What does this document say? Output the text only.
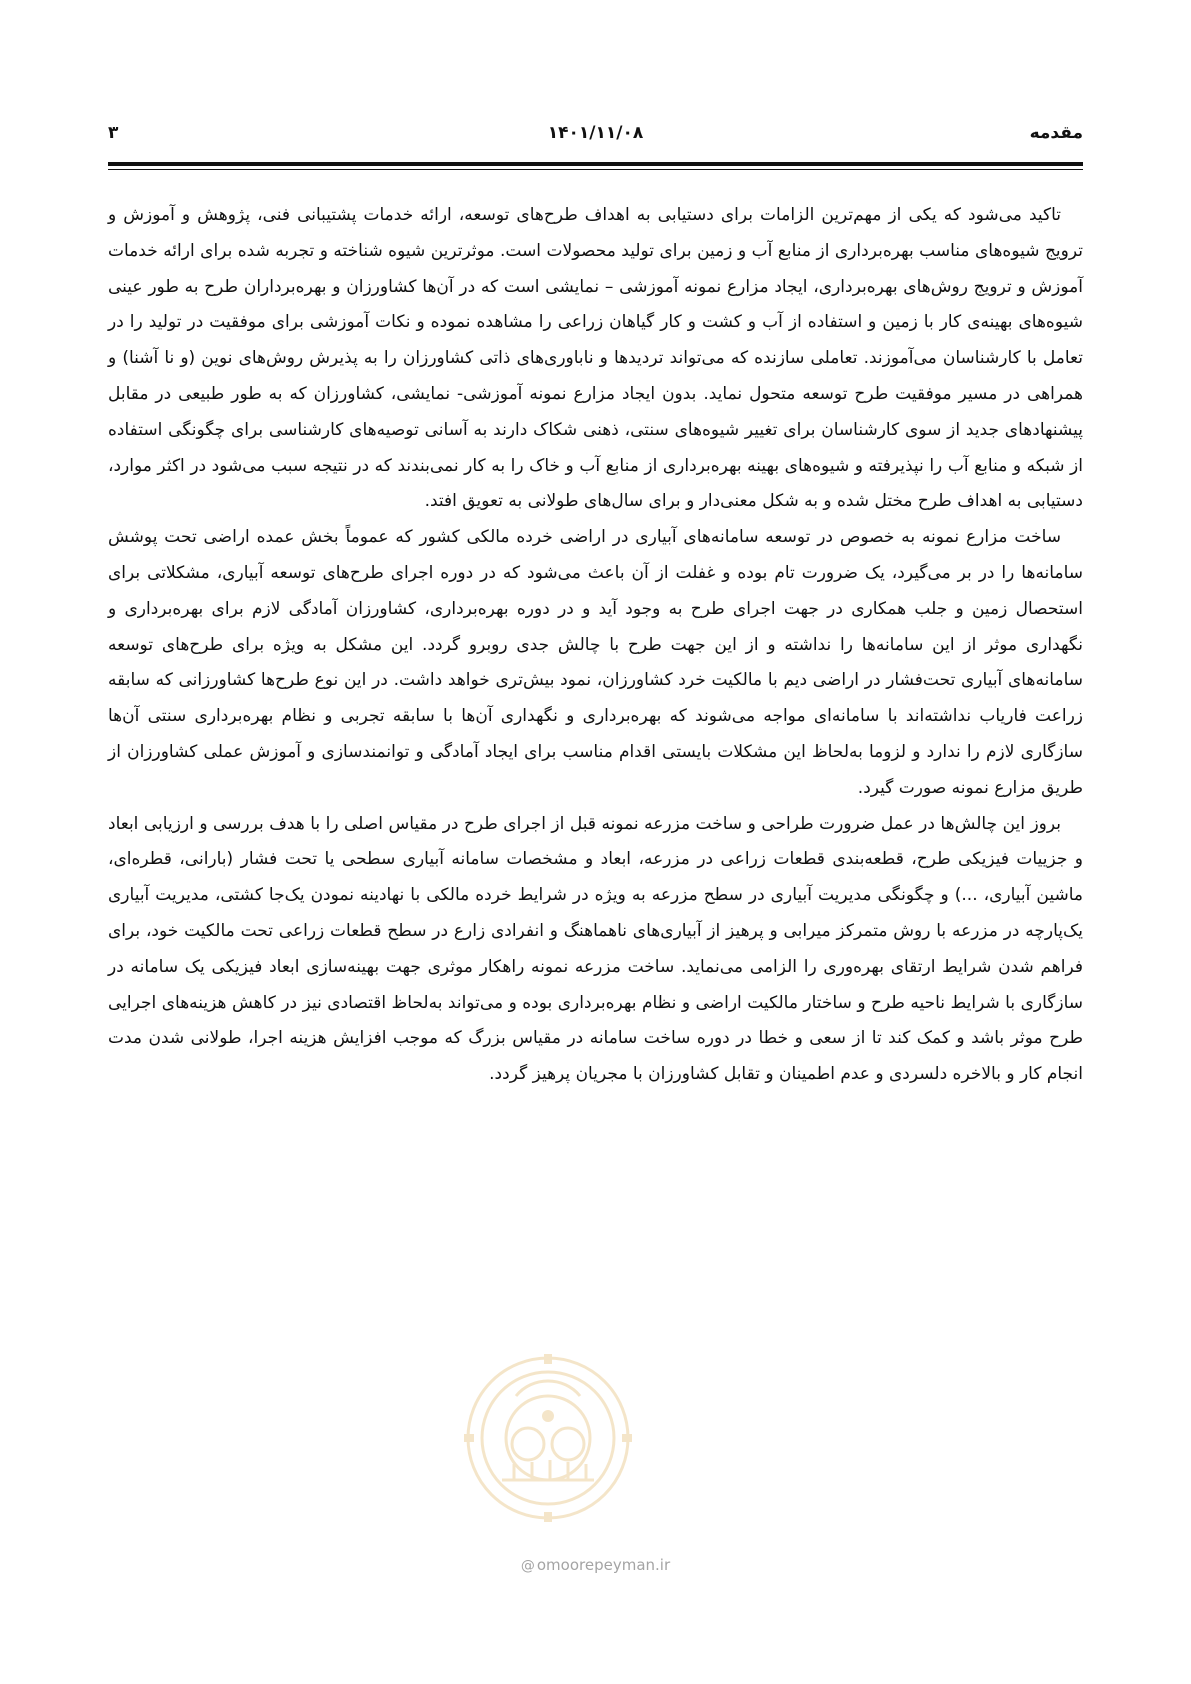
مقدمه
۱۴۰۱/۱۱/۰۸
۳

تاکید می‌شود که یکی از مهم‌ترین الزامات برای دستیابی به اهداف طرح‌های توسعه، ارائه خدمات پشتیبانی فنی، پژوهش و آموزش و ترویج شیوه‌های مناسب بهره‌برداری از منابع آب و زمین برای تولید محصولات است. موثرترین شیوه شناخته و تجربه شده برای ارائه خدمات آموزش و ترویج روش‌های بهره‌برداری، ایجاد مزارع نمونه آموزشی – نمایشی است که در آن‌ها کشاورزان و بهره‌برداران طرح به طور عینی شیوه‌های بهینه‌ی کار با زمین و استفاده از آب و کشت و کار گیاهان زراعی را مشاهده نموده و نکات آموزشی برای موفقیت در تولید را در تعامل با کارشناسان می‌آموزند. تعاملی سازنده که می‌تواند تردیدها و ناباوری‌های ذاتی کشاورزان را به پذیرش روش‌های نوین (و نا آشنا) و همراهی در مسیر موفقیت طرح توسعه متحول نماید. بدون ایجاد مزارع نمونه آموزشی- نمایشی، کشاورزان که به طور طبیعی در مقابل پیشنهادهای جدید از سوی کارشناسان برای تغییر شیوه‌های سنتی، ذهنی شکاک دارند به آسانی توصیه‌های کارشناسی برای چگونگی استفاده از شبکه و منابع آب را نپذیرفته و شیوه‌های بهینه بهره‌برداری از منابع آب و خاک را به کار نمی‌بندند که در نتیجه سبب می‌شود در اکثر موارد، دستیابی به اهداف طرح مختل شده و به شکل معنی‌دار و برای سال‌های طولانی به تعویق افتد.

ساخت مزارع نمونه به خصوص در توسعه سامانه‌های آبیاری در اراضی خرده مالکی کشور که عموماً بخش عمده اراضی تحت پوشش سامانه‌ها را در بر می‌گیرد، یک ضرورت تام بوده و غفلت از آن باعث می‌شود که در دوره اجرای طرح‌های توسعه آبیاری، مشکلاتی برای استحصال زمین و جلب همکاری در جهت اجرای طرح به وجود آید و در دوره بهره‌برداری، کشاورزان آمادگی لازم برای بهره‌برداری و نگهداری موثر از این سامانه‌ها را نداشته و از این جهت طرح با چالش جدی روبرو گردد. این مشکل به ویژه برای طرح‌های توسعه سامانه‌های آبیاری تحت‌فشار در اراضی دیم با مالکیت خرد کشاورزان، نمود بیش‌تری خواهد داشت. در این نوع طرح‌ها کشاورزانی که سابقه زراعت فاریاب نداشته‌اند با سامانه‌ای مواجه می‌شوند که بهره‌برداری و نگهداری آن‌ها با سابقه تجربی و نظام بهره‌برداری سنتی آن‌ها سازگاری لازم را ندارد و لزوما به‌لحاظ این مشکلات بایستی اقدام مناسب برای ایجاد آمادگی و توانمندسازی و آموزش عملی کشاورزان از طریق مزارع نمونه صورت گیرد.

بروز این چالش‌ها در عمل ضرورت طراحی و ساخت مزرعه نمونه قبل از اجرای طرح در مقیاس اصلی را با هدف بررسی و ارزیابی ابعاد و جزییات فیزیکی طرح، قطعه‌بندی قطعات زراعی در مزرعه، ابعاد و مشخصات سامانه آبیاری سطحی یا تحت فشار (بارانی، قطره‌ای، ماشین آبیاری، ...) و چگونگی مدیریت آبیاری در سطح مزرعه به ویژه در شرایط خرده مالکی با نهادینه نمودن یک‌جا کشتی، مدیریت آبیاری یک‌پارچه در مزرعه با روش متمرکز میرابی و پرهیز از آبیاری‌های ناهماهنگ و انفرادی زارع در سطح قطعات زراعی تحت مالکیت خود، برای فراهم شدن شرایط ارتقای بهره‌وری را الزامی می‌نماید. ساخت مزرعه نمونه راهکار موثری جهت بهینه‌سازی ابعاد فیزیکی یک سامانه در سازگاری با شرایط ناحیه طرح و ساختار مالکیت اراضی و نظام بهره‌برداری بوده و می‌تواند به‌لحاظ اقتصادی نیز در کاهش هزینه‌های اجرایی طرح موثر باشد و کمک کند تا از سعی و خطا در دوره ساخت سامانه در مقیاس بزرگ که موجب افزایش هزینه اجرا، طولانی شدن مدت انجام کار و بالاخره دلسردی و عدم اطمینان و تقابل کشاورزان با مجریان پرهیز گردد.

@ omoorepeyman.ir
